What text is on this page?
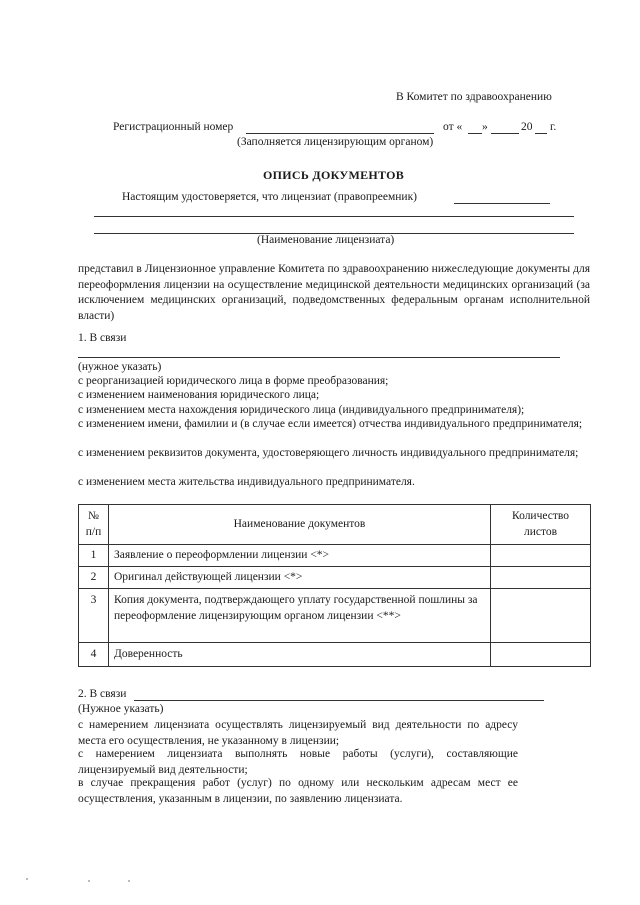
В Комитет по здравоохранению
Регистрационный номер	от « »	20 г.
(Заполняется лицензирующим органом)
ОПИСЬ ДОКУМЕНТОВ
Настоящим удостоверяется, что лицензиат (правопреемник)
(Наименование лицензиата)
представил в Лицензионное управление Комитета по здравоохранению нижеследующие документы для переоформления лицензии на осуществление медицинской деятельности медицинских организаций (за исключением медицинских организаций, подведомственных федеральным органам исполнительной власти)
1. В связи
(нужное указать)
с реорганизацией юридического лица в форме преобразования;
с изменением наименования юридического лица;
с изменением места нахождения юридического лица (индивидуального предпринимателя);
с изменением имени, фамилии и (в случае если имеется) отчества индивидуального предпринимателя;
с изменением реквизитов документа, удостоверяющего личность индивидуального предпринимателя;
с изменением места жительства индивидуального предпринимателя.
№ п/п	Наименование документов	Количество листов
1	Заявление о переоформлении лицензии <*>	
2	Оригинал действующей лицензии <*>	
3	Копия документа, подтверждающего уплату государственной пошлины за переоформление лицензирующим органом лицензии <**>	
4	Доверенность	
2. В связи
(Нужное указать)
с намерением лицензиата осуществлять лицензируемый вид деятельности по адресу места его осуществления, не указанному в лицензии;
с намерением лицензиата выполнять новые работы (услуги), составляющие лицензируемый вид деятельности;
в случае прекращения работ (услуг) по одному или нескольким адресам мест ее осуществления, указанным в лицензии, по заявлению лицензиата.
